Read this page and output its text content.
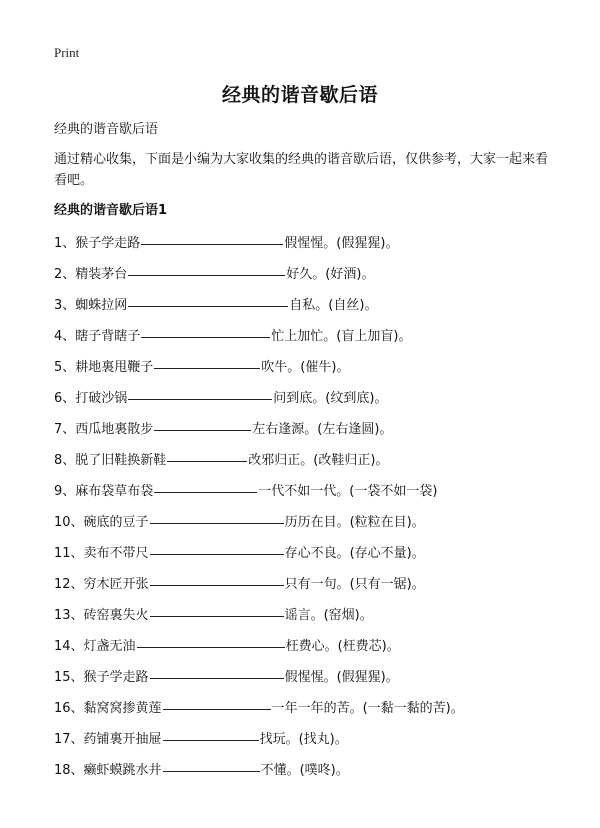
Print
经典的谐音歇后语
经典的谐音歇后语
通过精心收集，下面是小编为大家收集的经典的谐音歇后语，仅供参考，大家一起来看看吧。
经典的谐音歇后语1
1、 猴子学走路	假惺惺。(假猩猩)。
2、 精装茅台	好久。(好酒)。
3、 蜘蛛拉网	自私。(自丝)。
4、 瞎子背瞎子	忙上加忙。(盲上加盲)。
5、 耕地裏甩鞭子	吹牛。(催牛)。
6、 打破沙锅	问到底。(纹到底)。
7、 西瓜地裏散步	左右逢源。(左右逢圆)。
8、 脱了旧鞋换新鞋	改邪归正。(改鞋归正)。
9、 麻布袋草布袋	一代不如一代。(一袋不如一袋)
10、 碗底的豆子	历历在目。(粒粒在目)。
11、 卖布不带尺	存心不良。(存心不量)。
12、 穷木匠开张	只有一句。(只有一锯)。
13、 砖窑裏失火	谣言。(窑烟)。
14、 灯盏无油	枉费心。(枉费芯)。
15、 猴子学走路	假惺惺。(假猩猩)。
16、 黏窝窝掺黄莲	一年一年的苦。(一黏一黏的苦)。
17、 药铺裏开抽屉	找玩。(找丸)。
18、 癞虾蟆跳水井	不懂。(噗咚)。
